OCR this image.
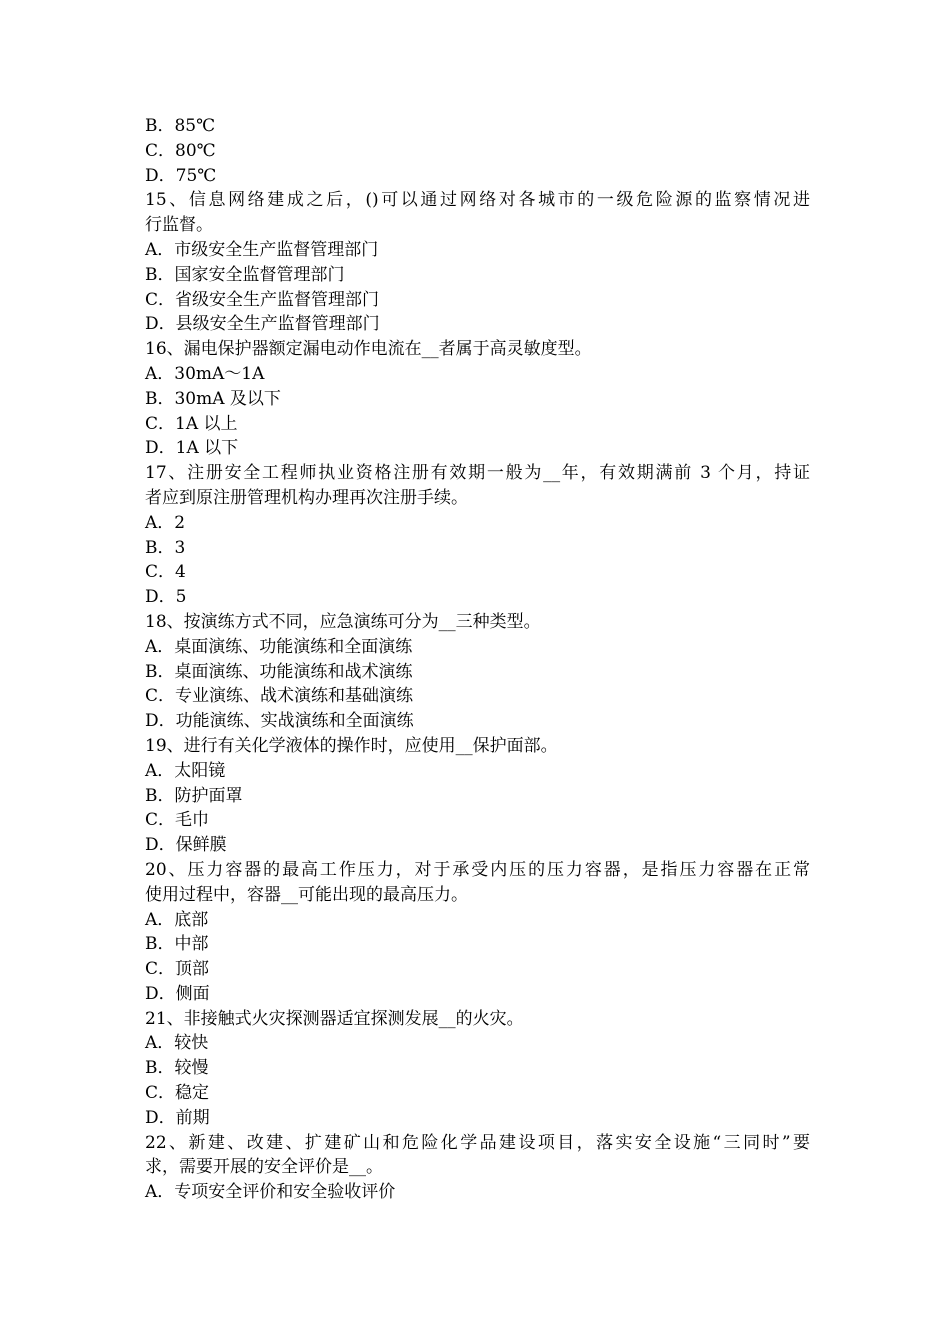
B．85℃
C．80℃
D．75℃
15、信息网络建成之后，()可以通过网络对各城市的一级危险源的监察情况进
行监督。
A．市级安全生产监督管理部门
B．国家安全监督管理部门
C．省级安全生产监督管理部门
D．县级安全生产监督管理部门
16、漏电保护器额定漏电动作电流在__者属于高灵敏度型。
A．30mA～1A
B．30mA 及以下
C．1A 以上
D．1A 以下
17、注册安全工程师执业资格注册有效期一般为__年，有效期满前 3 个月，持证
者应到原注册管理机构办理再次注册手续。
A．2
B．3
C．4
D．5
18、按演练方式不同，应急演练可分为__三种类型。
A．桌面演练、功能演练和全面演练
B．桌面演练、功能演练和战术演练
C．专业演练、战术演练和基础演练
D．功能演练、实战演练和全面演练
19、进行有关化学液体的操作时，应使用__保护面部。
A．太阳镜
B．防护面罩
C．毛巾
D．保鲜膜
20、压力容器的最高工作压力，对于承受内压的压力容器，是指压力容器在正常
使用过程中，容器__可能出现的最高压力。
A．底部
B．中部
C．顶部
D．侧面
21、非接触式火灾探测器适宜探测发展__的火灾。
A．较快
B．较慢
C．稳定
D．前期
22、新建、改建、扩建矿山和危险化学品建设项目，落实安全设施“三同时”要
求，需要开展的安全评价是__。
A．专项安全评价和安全验收评价
